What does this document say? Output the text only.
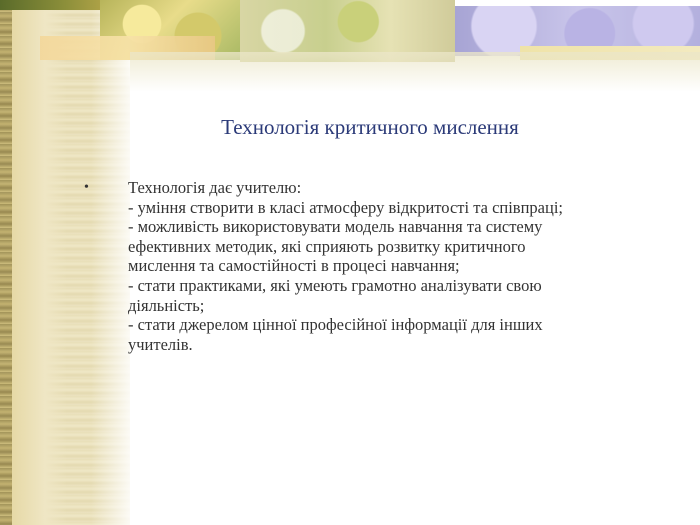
Технологія критичного мислення
•	Технологія дає учителю:
- уміння створити в класі атмосферу відкритості та співпраці;
- можливість використовувати модель навчання та систему
ефективних методик, які сприяють розвитку критичного
мислення та самостійності в процесі навчання;
- стати практиками, які умеють грамотно аналізувати свою
діяльність;
- стати джерелом цінної професійної інформації для інших
учителів.
